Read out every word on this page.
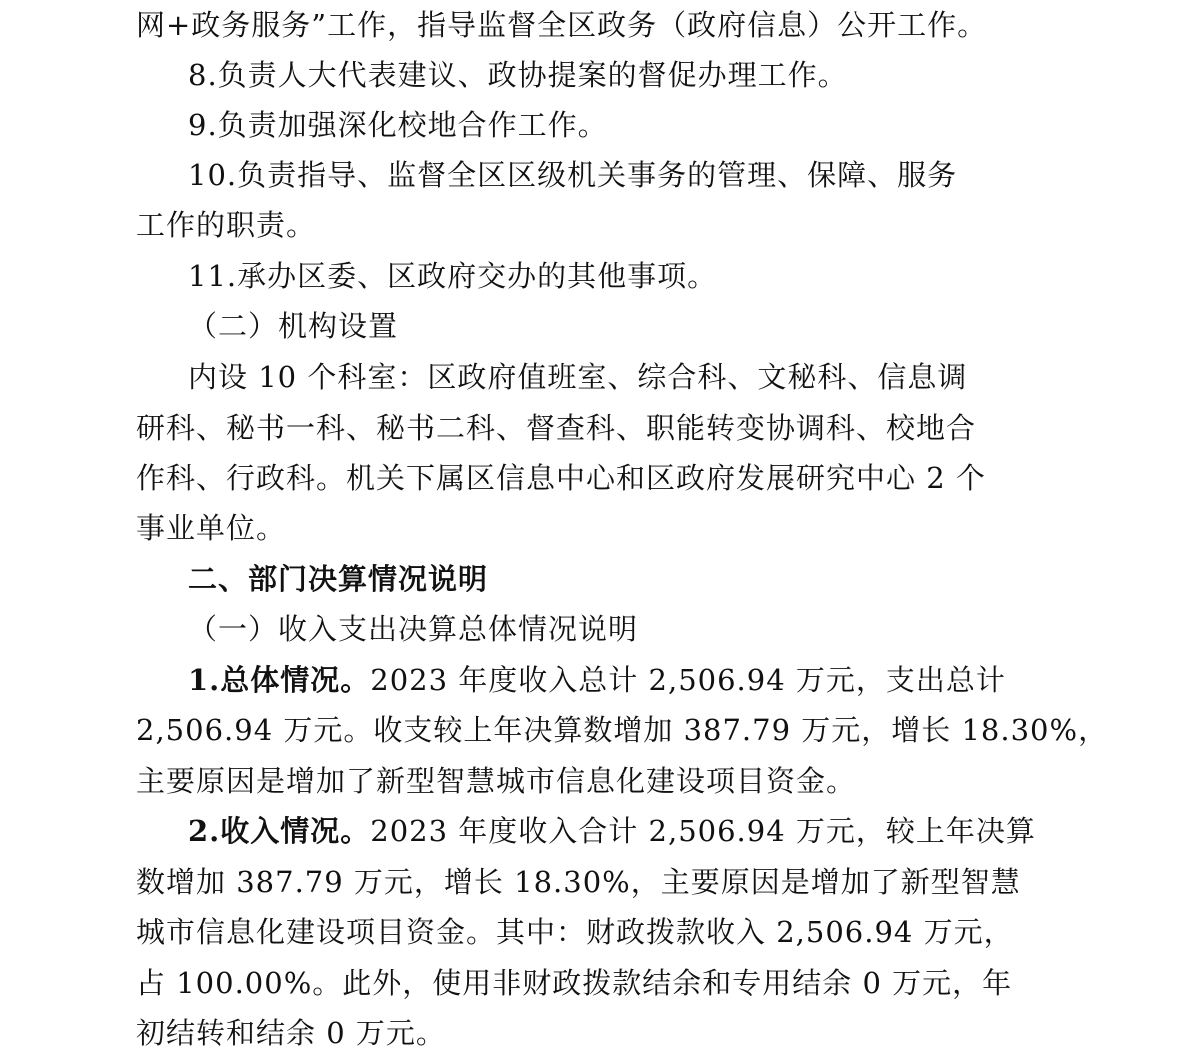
网+政务服务”工作，指导监督全区政务（政府信息）公开工作。
8.负责人大代表建议、政协提案的督促办理工作。
9.负责加强深化校地合作工作。
10.负责指导、监督全区区级机关事务的管理、保障、服务
工作的职责。
11.承办区委、区政府交办的其他事项。
（二）机构设置
内设 10 个科室：区政府值班室、综合科、文秘科、信息调
研科、秘书一科、秘书二科、督查科、职能转变协调科、校地合
作科、行政科。机关下属区信息中心和区政府发展研究中心 2 个
事业单位。
二、部门决算情况说明
（一）收入支出决算总体情况说明
1.总体情况。2023 年度收入总计 2,506.94 万元，支出总计
2,506.94 万元。收支较上年决算数增加 387.79 万元，增长 18.30%，
主要原因是增加了新型智慧城市信息化建设项目资金。
2.收入情况。2023 年度收入合计 2,506.94 万元，较上年决算
数增加 387.79 万元，增长 18.30%，主要原因是增加了新型智慧
城市信息化建设项目资金。其中：财政拨款收入 2,506.94 万元，
占 100.00%。此外，使用非财政拨款结余和专用结余 0 万元，年
初结转和结余 0 万元。
